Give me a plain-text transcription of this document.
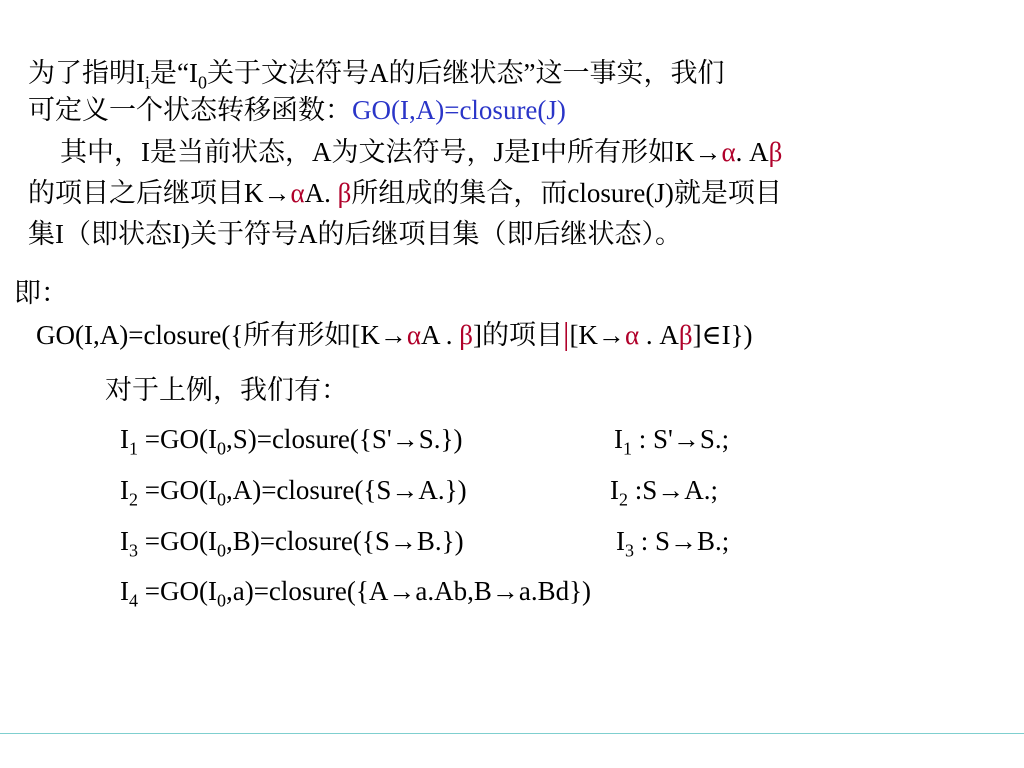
为了指明$I_i$是“$I_0$关于文法符号A的后继状态”这一事实，我们
可定义一个状态转移函数：GO(I,A)=closure(J)
其中，I是当前状态，A为文法符号，J是I中所有形如K→α. Aβ
的项目之后继项目K→αA. β所组成的集合，而closure(J)就是项目
集I（即状态I)关于符号A的后继项目集（即后继状态）。
即：
GO(I,A)=closure({所有形如[K→αA . β]的项目|[K→α . Aβ]∈I})
对于上例，我们有：
$I_1$ $=GO(I_0,S)=closure(\{S'\to S.\})$	$I_1$ : S'→S.;
$I_2$ $=GO(I_0,A)=closure(\{S\to A.\})$	$I_2$ :S→A.;
$I_3$ $=GO(I_0,B)=closure(\{S\to B.\})$	$I_3$ : S→B.;
$I_4$ $=GO(I_0,a)=closure(\{A\to a.Ab,B\to a.Bd\})$
